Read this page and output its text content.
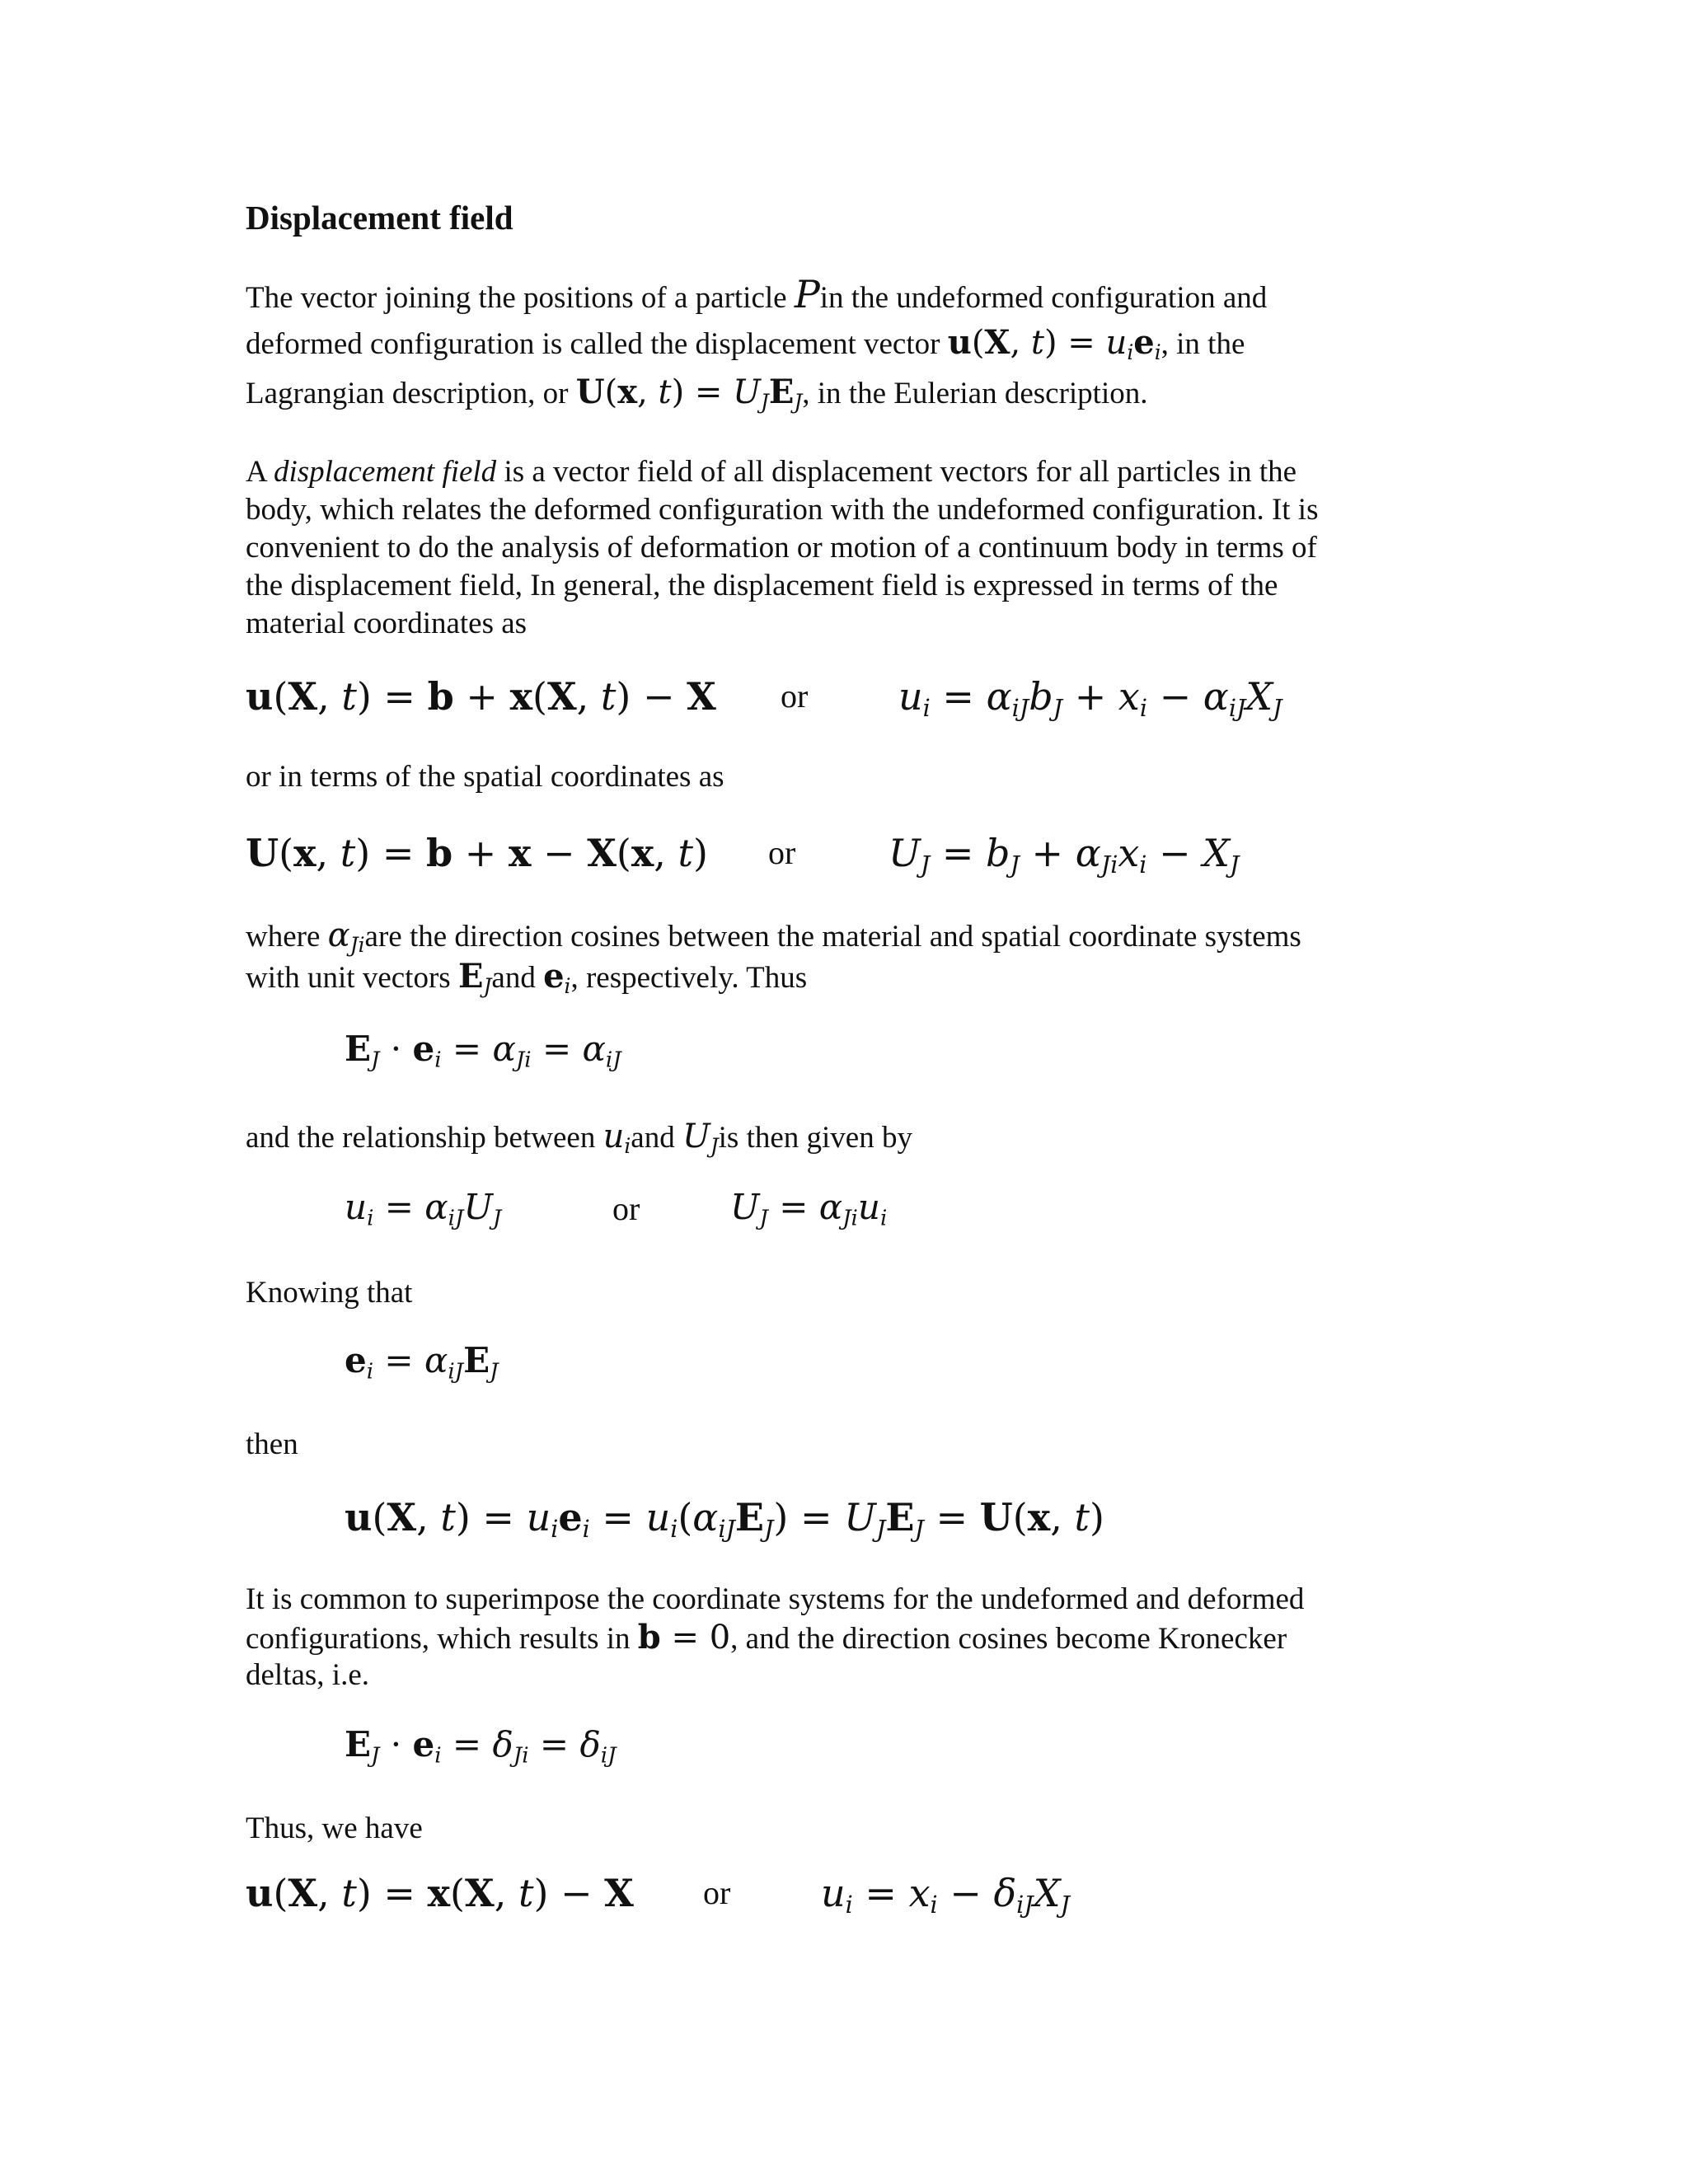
Displacement field
The vector joining the positions of a particle Pin the undeformed configuration and
deformed configuration is called the displacement vector u(X, $t) = u_ie_i$, in the
Lagrangian description, or U(x, $t) = U_JE_J$, in the Eulerian description.
A displacement field is a vector field of all displacement vectors for all particles in the
body, which relates the deformed configuration with the undeformed configuration. It is
convenient to do the analysis of deformation or motion of a continuum body in terms of
the displacement field, In general, the displacement field is expressed in terms of the
material coordinates as
u(X, t) = b + x(X, t) − X or $u_i = \alpha_{iJ}b_J + x_i - \alpha_{iJ}X_J$
or in terms of the spatial coordinates as
U(x, t) = b + x − X(x, t) or $U_J = b_J + \alpha_{Ji}x_i - X_J$
where $\alpha_{Ji}are$ the direction cosines between the material and spatial coordinate systems
with unit vectors $E_Jand$ $e_i$, respectively. Thus
$E_J \cdot e_i = \alpha_{Ji} = \alpha_{iJ}$
and the relationship between $u_iand$ $U_Jis$ then given by
$u_i = \alpha_{iJ}U_J$	or	$U_J = \alpha_{Ji}u_i$
Knowing that
$e_i = \alpha_{iJ}E_J$
then
u(X, $t) = u_ie_i = u_i(\alpha_{iJ}E_J) = U_JE_J = U(x$, t)
It is common to superimpose the coordinate systems for the undeformed and deformed
configurations, which results in b = 0, and the direction cosines become Kronecker
deltas, i.e.
$E_J \cdot e_i = \delta_{Ji} = \delta_{iJ}$
Thus, we have
u(X, t) = x(X, t) − X or $u_i = x_i - \delta_{iJ}X_J$
